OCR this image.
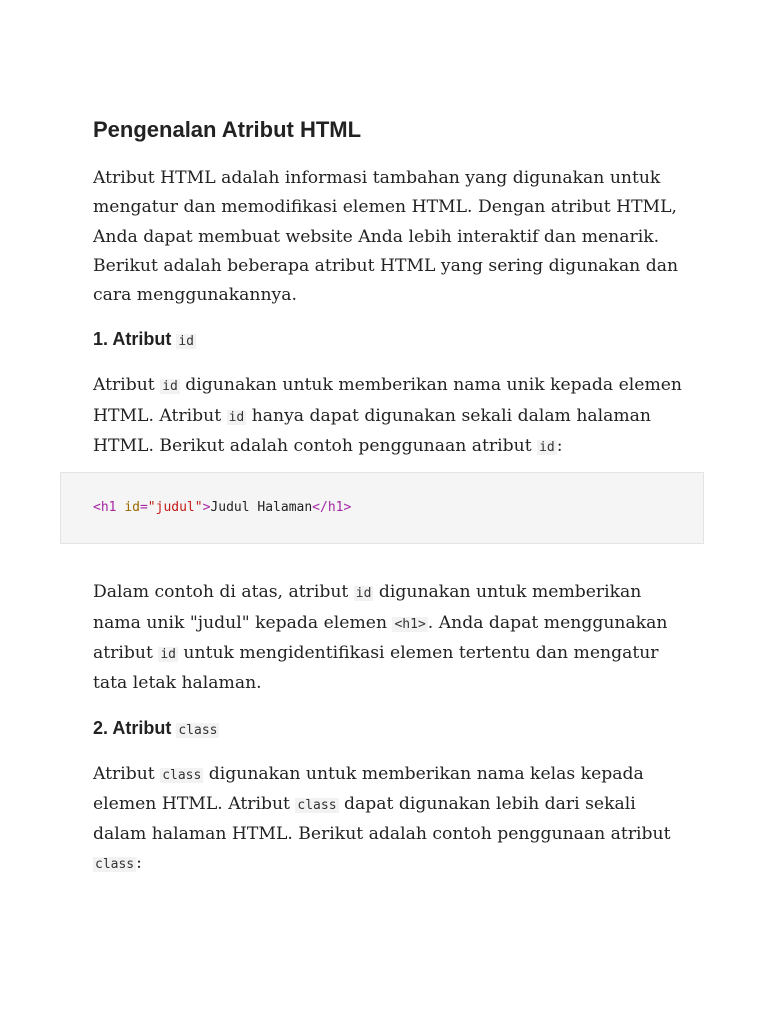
Pengenalan Atribut HTML

Atribut HTML adalah informasi tambahan yang digunakan untuk mengatur dan memodifikasi elemen HTML. Dengan atribut HTML, Anda dapat membuat website Anda lebih interaktif dan menarik. Berikut adalah beberapa atribut HTML yang sering digunakan dan cara menggunakannya.

1. Atribut id

Atribut id digunakan untuk memberikan nama unik kepada elemen HTML. Atribut id hanya dapat digunakan sekali dalam halaman HTML. Berikut adalah contoh penggunaan atribut id :

<h1 id="judul">Judul Halaman</h1>

Dalam contoh di atas, atribut id digunakan untuk memberikan nama unik "judul" kepada elemen <h1> . Anda dapat menggunakan atribut id untuk mengidentifikasi elemen tertentu dan mengatur tata letak halaman.

2. Atribut class

Atribut class digunakan untuk memberikan nama kelas kepada elemen HTML. Atribut class dapat digunakan lebih dari sekali dalam halaman HTML. Berikut adalah contoh penggunaan atribut class :
